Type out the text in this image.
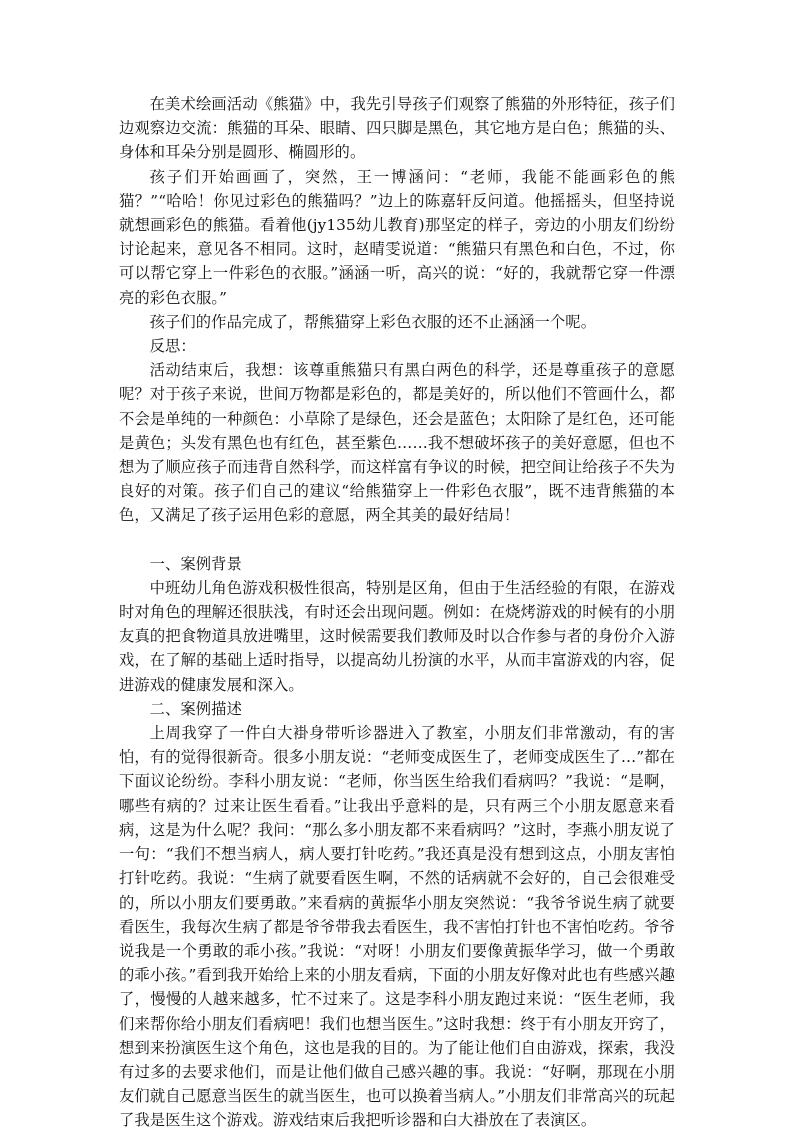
在美术绘画活动《熊猫》中，我先引导孩子们观察了熊猫的外形特征，孩子们边观察边交流：熊猫的耳朵、眼睛、四只脚是黑色，其它地方是白色；熊猫的头、身体和耳朵分别是圆形、椭圆形的。

孩子们开始画画了，突然，王一博涵问：“老师，我能不能画彩色的熊猫？”“哈哈！你见过彩色的熊猫吗？”边上的陈嘉轩反问道。他摇摇头，但坚持说就想画彩色的熊猫。看着他(jy135幼儿教育)那坚定的样子，旁边的小朋友们纷纷讨论起来，意见各不相同。这时，赵晴雯说道：“熊猫只有黑色和白色，不过，你可以帮它穿上一件彩色的衣服。”涵涵一听，高兴的说：“好的，我就帮它穿一件漂亮的彩色衣服。”

孩子们的作品完成了，帮熊猫穿上彩色衣服的还不止涵涵一个呢。

反思：

活动结束后，我想：该尊重熊猫只有黑白两色的科学，还是尊重孩子的意愿呢？对于孩子来说，世间万物都是彩色的，都是美好的，所以他们不管画什么，都不会是单纯的一种颜色：小草除了是绿色，还会是蓝色；太阳除了是红色，还可能是黄色；头发有黑色也有红色，甚至紫色……我不想破坏孩子的美好意愿，但也不想为了顺应孩子而违背自然科学，而这样富有争议的时候，把空间让给孩子不失为良好的对策。孩子们自己的建议“给熊猫穿上一件彩色衣服”，既不违背熊猫的本色，又满足了孩子运用色彩的意愿，两全其美的最好结局！

一、案例背景

中班幼儿角色游戏积极性很高，特别是区角，但由于生活经验的有限，在游戏时对角色的理解还很肤浅，有时还会出现问题。例如：在烧烤游戏的时候有的小朋友真的把食物道具放进嘴里，这时候需要我们教师及时以合作参与者的身份介入游戏，在了解的基础上适时指导，以提高幼儿扮演的水平，从而丰富游戏的内容，促进游戏的健康发展和深入。

二、案例描述

上周我穿了一件白大褂身带听诊器进入了教室，小朋友们非常激动，有的害怕，有的觉得很新奇。很多小朋友说：“老师变成医生了，老师变成医生了…”都在下面议论纷纷。李科小朋友说：“老师，你当医生给我们看病吗？”我说：“是啊，哪些有病的？过来让医生看看。”让我出乎意料的是，只有两三个小朋友愿意来看病，这是为什么呢？我问：“那么多小朋友都不来看病吗？”这时，李燕小朋友说了一句：“我们不想当病人，病人要打针吃药。”我还真是没有想到这点，小朋友害怕打针吃药。我说：“生病了就要看医生啊，不然的话病就不会好的，自己会很难受的，所以小朋友们要勇敢。”来看病的黄振华小朋友突然说：“我爷爷说生病了就要看医生，我每次生病了都是爷爷带我去看医生，我不害怕打针也不害怕吃药。爷爷说我是一个勇敢的乖小孩。”我说：“对呀！小朋友们要像黄振华学习，做一个勇敢的乖小孩。”看到我开始给上来的小朋友看病，下面的小朋友好像对此也有些感兴趣了，慢慢的人越来越多，忙不过来了。这是李科小朋友跑过来说：“医生老师，我们来帮你给小朋友们看病吧！我们也想当医生。”这时我想：终于有小朋友开窍了，想到来扮演医生这个角色，这也是我的目的。为了能让他们自由游戏，探索，我没有过多的去要求他们，而是让他们做自己感兴趣的事。我说：“好啊，那现在小朋友们就自己愿意当医生的就当医生，也可以换着当病人。”小朋友们非常高兴的玩起了我是医生这个游戏。游戏结束后我把听诊器和白大褂放在了表演区。
